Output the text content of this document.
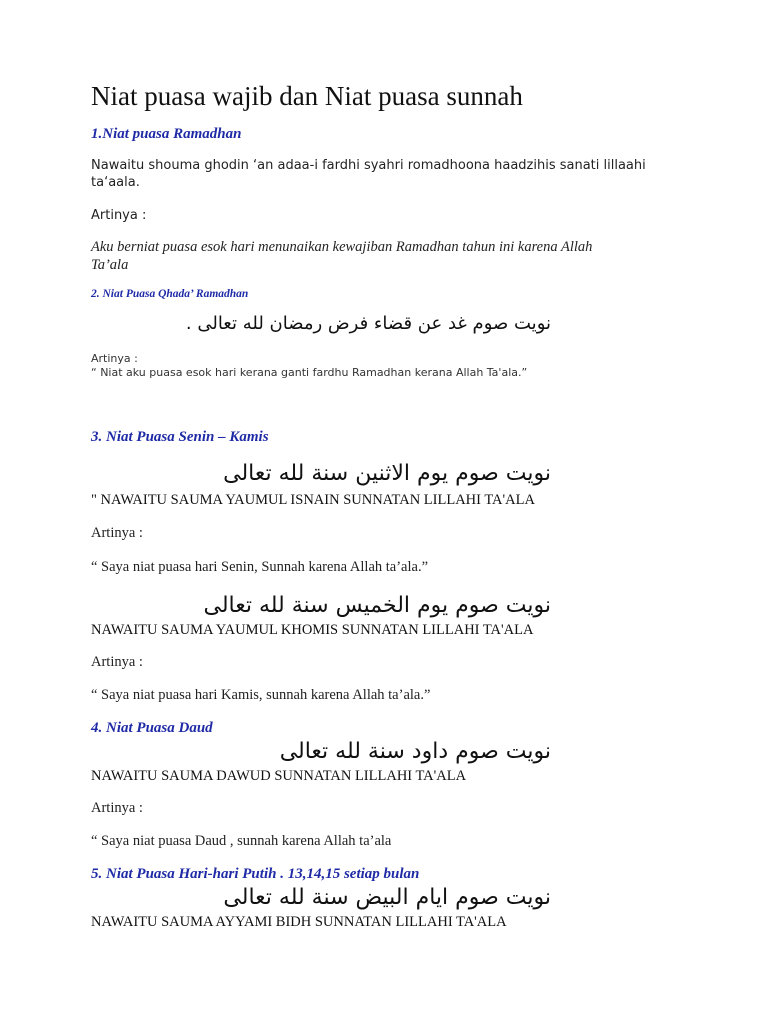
Niat puasa wajib dan Niat puasa sunnah
1.Niat puasa Ramadhan
Nawaitu shouma ghodin ‘an adaa-i fardhi syahri romadhoona haadzihis sanati lillaahi
ta‘aala.
Artinya :
Aku berniat puasa esok hari menunaikan kewajiban Ramadhan tahun ini karena Allah
Ta’ala
2. Niat Puasa Qhada’ Ramadhan
نويت صوم غد عن قضاء فرض رمضان لله تعالى .
Artinya :
“ Niat aku puasa esok hari kerana ganti fardhu Ramadhan kerana Allah Ta'ala.”
3. Niat Puasa Senin – Kamis
نويت صوم يوم الاثنين سنة لله تعالى
" NAWAITU SAUMA YAUMUL ISNAIN SUNNATAN LILLAHI TA'ALA
Artinya :
“ Saya niat puasa hari Senin, Sunnah karena Allah ta’ala.”
نويت صوم يوم الخميس سنة لله تعالى
NAWAITU SAUMA YAUMUL KHOMIS SUNNATAN LILLAHI TA'ALA
Artinya :
“ Saya niat puasa hari Kamis, sunnah karena Allah ta’ala.”
4. Niat Puasa Daud
نويت صوم داود سنة لله تعالى
NAWAITU SAUMA DAWUD SUNNATAN LILLAHI TA'ALA
Artinya :
“ Saya niat puasa Daud , sunnah karena Allah ta’ala
5. Niat Puasa Hari-hari Putih . 13,14,15 setiap bulan
نويت صوم ايام البيض سنة لله تعالى
NAWAITU SAUMA AYYAMI BIDH SUNNATAN LILLAHI TA'ALA
